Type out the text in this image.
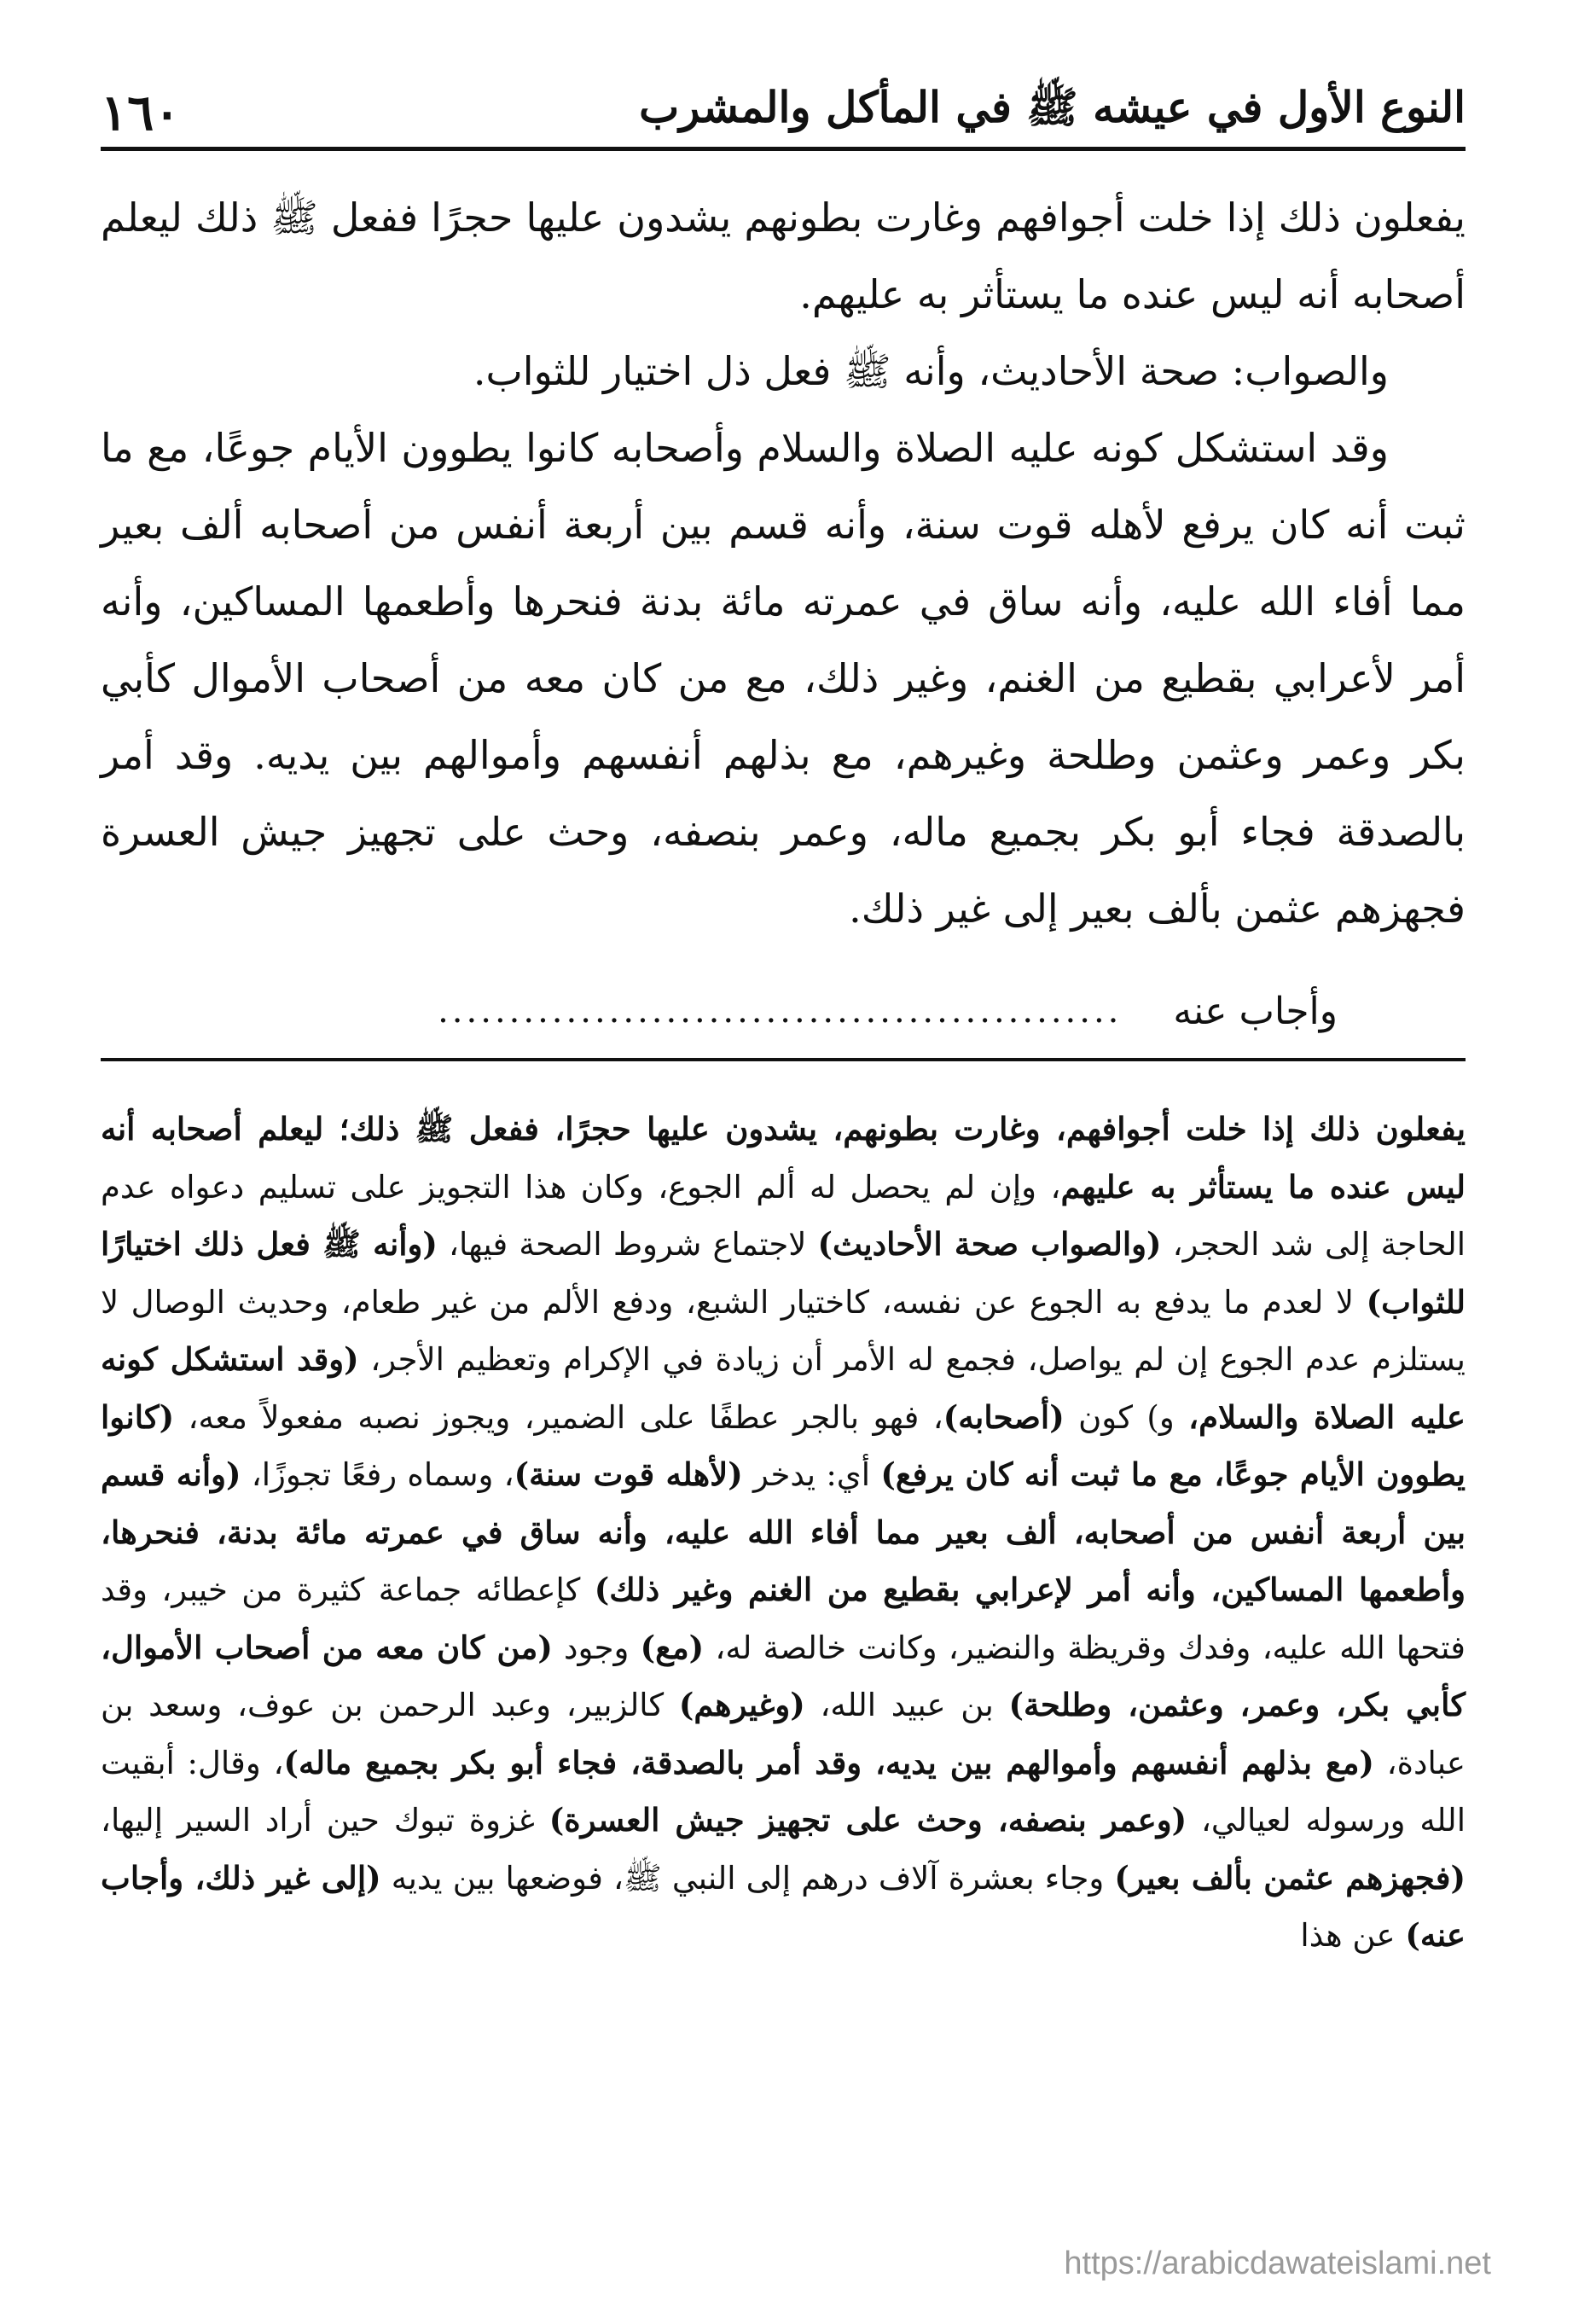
١٦٠	النوع الأول في عيشه ﷺ في المأكل والمشرب

يفعلون ذلك إذا خلت أجوافهم وغارت بطونهم يشدون عليها حجرًا ففعل ﷺ ذلك ليعلم أصحابه أنه ليس عنده ما يستأثر به عليهم.

والصواب: صحة الأحاديث، وأنه ﷺ فعل ذل اختيار للثواب.

وقد استشكل كونه عليه الصلاة والسلام وأصحابه كانوا يطوون الأيام جوعًا، مع ما ثبت أنه كان يرفع لأهله قوت سنة، وأنه قسم بين أربعة أنفس من أصحابه ألف بعير مما أفاء الله عليه، وأنه ساق في عمرته مائة بدنة فنحرها وأطعمها المساكين، وأنه أمر لأعرابي بقطيع من الغنم، وغير ذلك، مع من كان معه من أصحاب الأموال كأبي بكر وعمر وعثمن وطلحة وغيرهم، مع بذلهم أنفسهم وأموالهم بين يديه. وقد أمر بالصدقة فجاء أبو بكر بجميع ماله، وعمر بنصفه، وحث على تجهيز جيش العسرة فجهزهم عثمن بألف بعير إلى غير ذلك.

وأجاب عنه
................................................

يفعلون ذلك إذا خلت أجوافهم، وغارت بطونهم، يشدون عليها حجرًا، ففعل ﷺ ذلك؛ ليعلم أصحابه أنه ليس عنده ما يستأثر به عليهم، وإن لم يحصل له ألم الجوع، وكان هذا التجويز على تسليم دعواه عدم الحاجة إلى شد الحجر، (والصواب صحة الأحاديث) لاجتماع شروط الصحة فيها، (وأنه ﷺ فعل ذلك اختيارًا للثواب) لا لعدم ما يدفع به الجوع عن نفسه، كاختيار الشبع، ودفع الألم من غير طعام، وحديث الوصال لا يستلزم عدم الجوع إن لم يواصل، فجمع له الأمر أن زيادة في الإكرام وتعظيم الأجر، (وقد استشكل كونه عليه الصلاة والسلام، و) كون (أصحابه)، فهو بالجر عطفًا على الضمير، ويجوز نصبه مفعولاً معه، (كانوا يطوون الأيام جوعًا، مع ما ثبت أنه كان يرفع) أي: يدخر (لأهله قوت سنة)، وسماه رفعًا تجوزًا، (وأنه قسم بين أربعة أنفس من أصحابه، ألف بعير مما أفاء الله عليه، وأنه ساق في عمرته مائة بدنة، فنحرها، وأطعمها المساكين، وأنه أمر لإعرابي بقطيع من الغنم وغير ذلك) كإعطائه جماعة كثيرة من خيبر، وقد فتحها الله عليه، وفدك وقريظة والنضير، وكانت خالصة له، (مع) وجود (من كان معه من أصحاب الأموال، كأبي بكر، وعمر، وعثمن، وطلحة) بن عبيد الله، (وغيرهم) كالزبير، وعبد الرحمن بن عوف، وسعد بن عبادة، (مع بذلهم أنفسهم وأموالهم بين يديه، وقد أمر بالصدقة، فجاء أبو بكر بجميع ماله)، وقال: أبقيت الله ورسوله لعيالي، (وعمر بنصفه، وحث على تجهيز جيش العسرة) غزوة تبوك حين أراد السير إليها، (فجهزهم عثمن بألف بعير) وجاء بعشرة آلاف درهم إلى النبي ﷺ، فوضعها بين يديه (إلى غير ذلك، وأجاب عنه) عن هذا

https://arabicdawateislami.net
